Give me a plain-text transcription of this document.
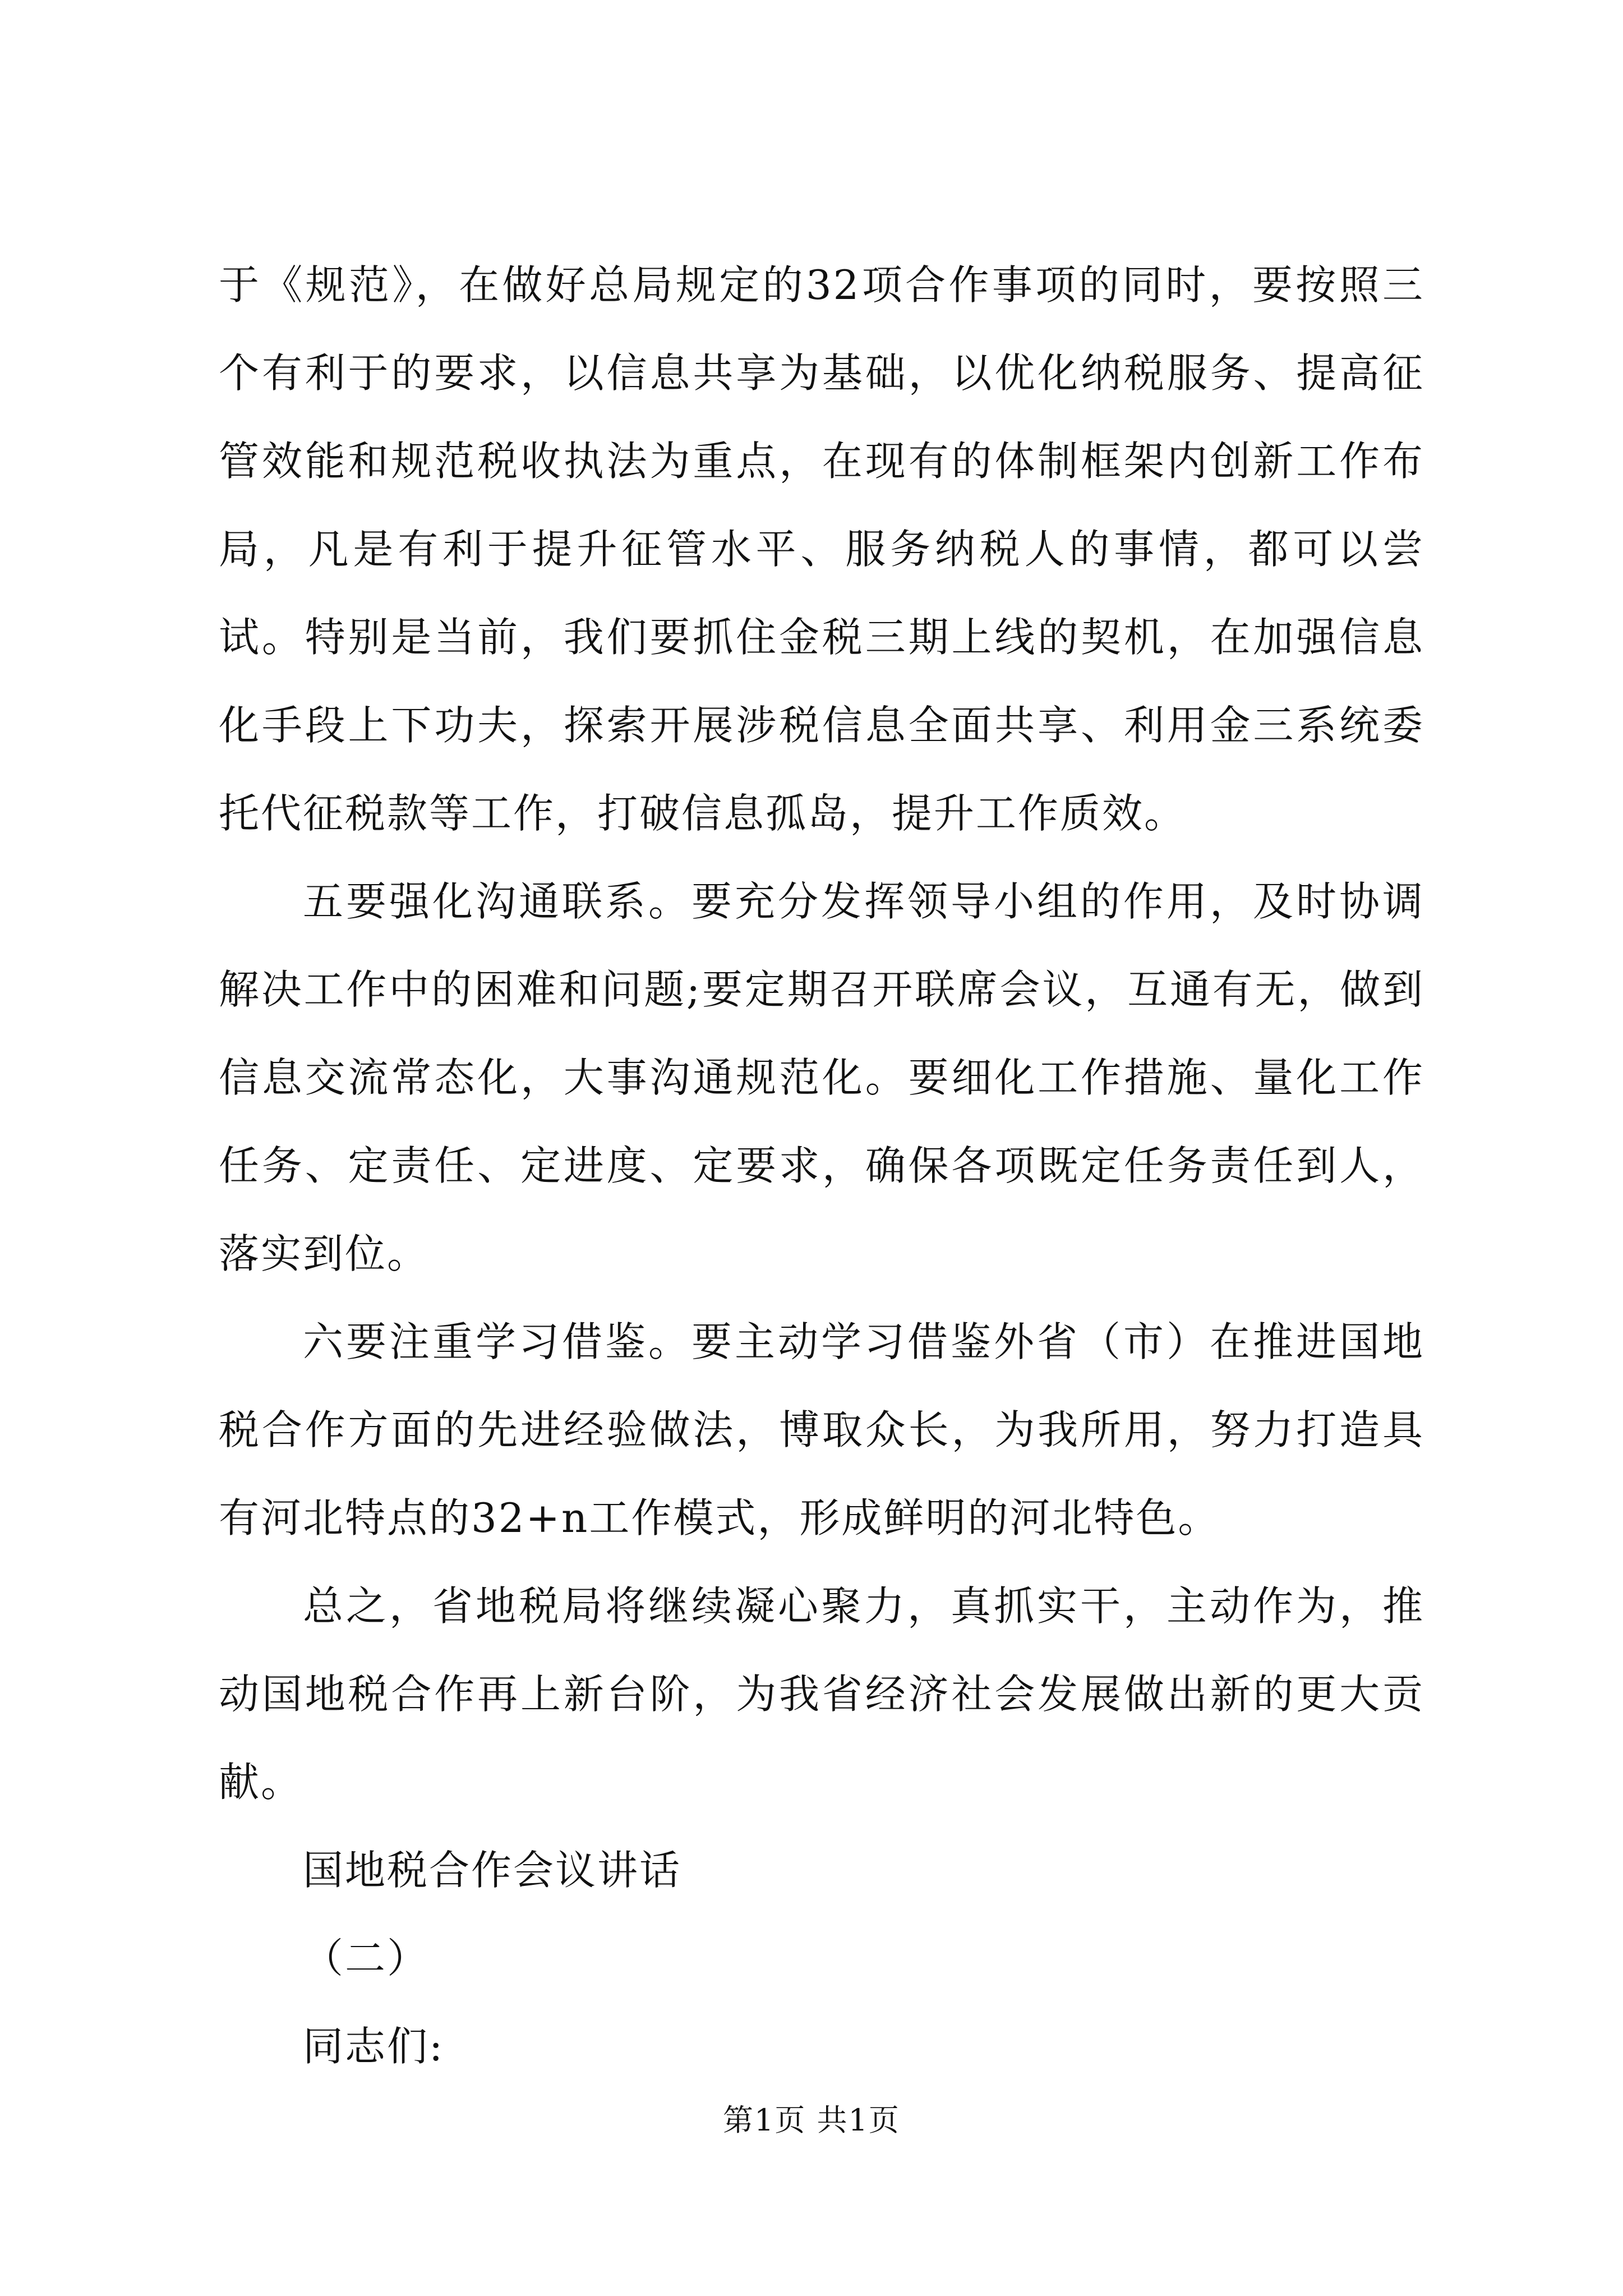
于《规范》，在做好总局规定的32项合作事项的同时，要按照三个有利于的要求，以信息共享为基础，以优化纳税服务、提高征管效能和规范税收执法为重点，在现有的体制框架内创新工作布局，凡是有利于提升征管水平、服务纳税人的事情，都可以尝试。特别是当前，我们要抓住金税三期上线的契机，在加强信息化手段上下功夫，探索开展涉税信息全面共享、利用金三系统委托代征税款等工作，打破信息孤岛，提升工作质效。

五要强化沟通联系。要充分发挥领导小组的作用，及时协调解决工作中的困难和问题;要定期召开联席会议，互通有无，做到信息交流常态化，大事沟通规范化。要细化工作措施、量化工作任务、定责任、定进度、定要求，确保各项既定任务责任到人，落实到位。

六要注重学习借鉴。要主动学习借鉴外省（市）在推进国地税合作方面的先进经验做法，博取众长，为我所用，努力打造具有河北特点的32+n工作模式，形成鲜明的河北特色。

总之，省地税局将继续凝心聚力，真抓实干，主动作为，推动国地税合作再上新台阶，为我省经济社会发展做出新的更大贡献。

国地税合作会议讲话

（二）

同志们:

第1页 共1页
